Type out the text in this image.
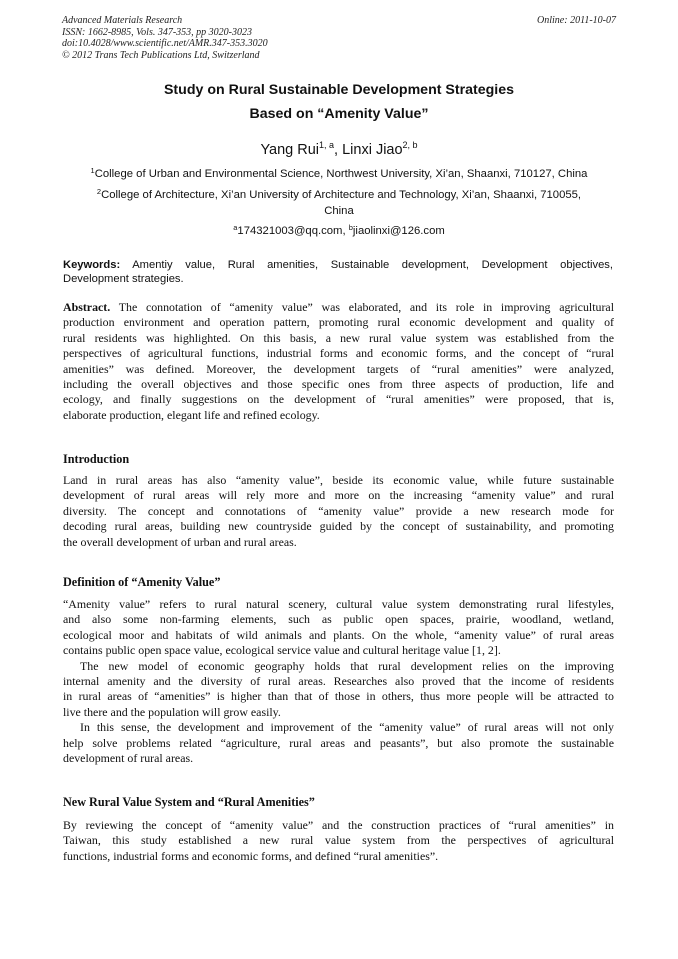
Advanced Materials Research
ISSN: 1662-8985, Vols. 347-353, pp 3020-3023
doi:10.4028/www.scientific.net/AMR.347-353.3020
© 2012 Trans Tech Publications Ltd, Switzerland
Online: 2011-10-07
Study on Rural Sustainable Development Strategies
Based on “Amenity Value”
Yang Rui$^{1, a}$, Linxi Jiao$^{2, b}$
$^1$College of Urban and Environmental Science, Northwest University, Xi’an, Shaanxi, 710127, China
$^2$College of Architecture, Xi’an University of Architecture and Technology, Xi’an, Shaanxi, 710055,
China
$^a$174321003@qq.com, $^b$jiaolinxi@126.com
Keywords: Amentiy value, Rural amenities, Sustainable development, Development objectives,
Development strategies.
Abstract. The connotation of “amenity value” was elaborated, and its role in improving agricultural
production environment and operation pattern, promoting rural economic development and quality of
rural residents was highlighted. On this basis, a new rural value system was established from the
perspectives of agricultural functions, industrial forms and economic forms, and the concept of “rural
amenities” was defined. Moreover, the development targets of “rural amenities” were analyzed,
including the overall objectives and those specific ones from three aspects of production, life and
ecology, and finally suggestions on the development of “rural amenities” were proposed, that is,
elaborate production, elegant life and refined ecology.
Introduction
Land in rural areas has also “amenity value”, beside its economic value, while future sustainable
development of rural areas will rely more and more on the increasing “amenity value” and rural
diversity. The concept and connotations of “amenity value” provide a new research mode for
decoding rural areas, building new countryside guided by the concept of sustainability, and promoting
the overall development of urban and rural areas.
Definition of “Amenity Value”
“Amenity value” refers to rural natural scenery, cultural value system demonstrating rural lifestyles,
and also some non-farming elements, such as public open spaces, prairie, woodland, wetland,
ecological moor and habitats of wild animals and plants. On the whole, “amenity value” of rural areas
contains public open space value, ecological service value and cultural heritage value [1, 2].
The new model of economic geography holds that rural development relies on the improving
internal amenity and the diversity of rural areas. Researches also proved that the income of residents
in rural areas of “amenities” is higher than that of those in others, thus more people will be attracted to
live there and the population will grow easily.
In this sense, the development and improvement of the “amenity value” of rural areas will not only
help solve problems related “agriculture, rural areas and peasants”, but also promote the sustainable
development of rural areas.
New Rural Value System and “Rural Amenities”
By reviewing the concept of “amenity value” and the construction practices of “rural amenities” in
Taiwan, this study established a new rural value system from the perspectives of agricultural
functions, industrial forms and economic forms, and defined “rural amenities”.
